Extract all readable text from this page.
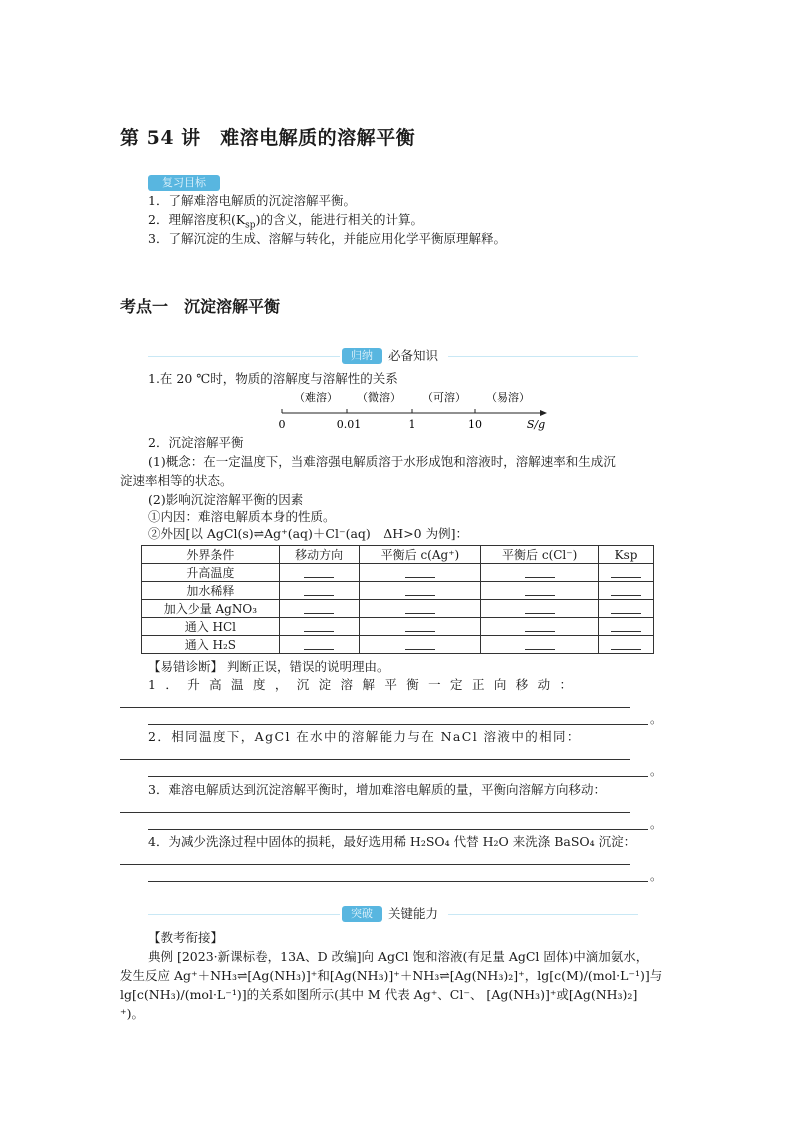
第 54 讲　难溶电解质的溶解平衡
复习目标
1．了解难溶电解质的沉淀溶解平衡。
2．理解溶度积$(K_{sp})$的含义，能进行相关的计算。
3．了解沉淀的生成、溶解与转化，并能应用化学平衡原理解释。
考点一　沉淀溶解平衡
归纳	必备知识
1.在 20 ℃时，物质的溶解度与溶解性的关系
（难溶） （微溶） （可溶） （易溶）
0	0.01	1	10	S/g
2．沉淀溶解平衡
(1)概念：在一定温度下，当难溶强电解质溶于水形成饱和溶液时，溶解速率和生成沉
淀速率相等的状态。
(2)影响沉淀溶解平衡的因素
①内因：难溶电解质本身的性质。
②外因[以 AgCl(s)⇌Ag⁺(aq)＋Cl⁻(aq)　ΔH>0 为例]：
外界条件	移动方向	平衡后 c(Ag⁺)	平衡后 c(Cl⁻)	Ksp
升高温度				
加水稀释				
加入少量 AgNO₃				
通入 HCl				
通入 H₂S				
【易错诊断】 判断正误，错误的说明理由。
1．升高温度，沉淀溶解平衡一定正向移动：
。
2．相同温度下，AgCl 在水中的溶解能力与在 NaCl 溶液中的相同：
。
3．难溶电解质达到沉淀溶解平衡时，增加难溶电解质的量，平衡向溶解方向移动：
。
4．为减少洗涤过程中固体的损耗，最好选用稀 H₂SO₄ 代替 H₂O 来洗涤 BaSO₄ 沉淀：
。
突破	关键能力
【教考衔接】
典例 [2023·新课标卷，13A、D 改编]向 AgCl 饱和溶液(有足量 AgCl 固体)中滴加氨水，
发生反应 Ag⁺＋NH₃⇌[Ag(NH₃)]⁺和[Ag(NH₃)]⁺＋NH₃⇌[Ag(NH₃)₂]⁺，lg[c(M)/(mol·L⁻¹)]与
lg[c(NH₃)/(mol·L⁻¹)]的关系如图所示(其中 M 代表 Ag⁺、Cl⁻、 [Ag(NH₃)]⁺或[Ag(NH₃)₂]
⁺)。
